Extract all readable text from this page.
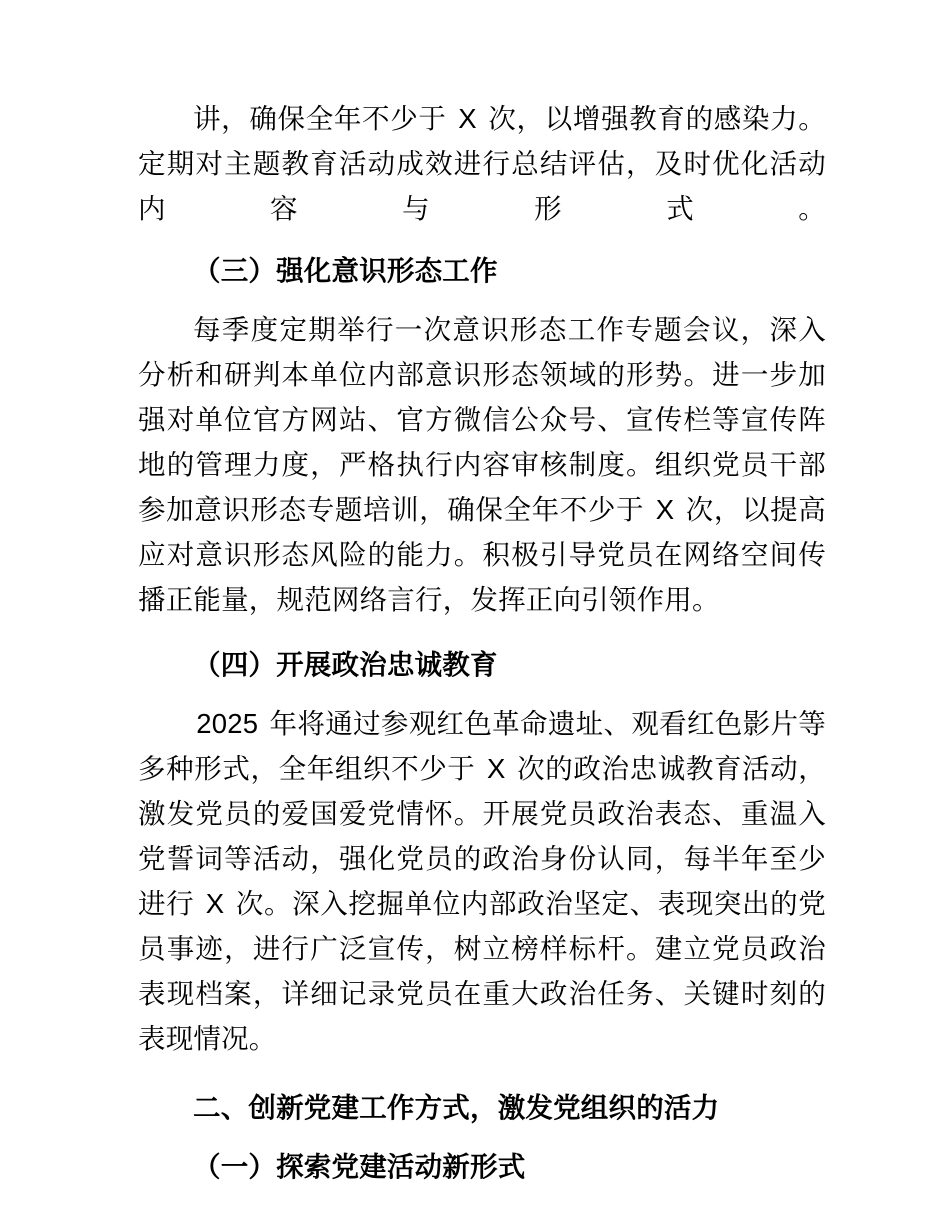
讲，确保全年不少于 X 次，以增强教育的感染力。定期对主题教育活动成效进行总结评估，及时优化活动内容与形式。

（三）强化意识形态工作

每季度定期举行一次意识形态工作专题会议，深入分析和研判本单位内部意识形态领域的形势。进一步加强对单位官方网站、官方微信公众号、宣传栏等宣传阵地的管理力度，严格执行内容审核制度。组织党员干部参加意识形态专题培训，确保全年不少于 X 次，以提高应对意识形态风险的能力。积极引导党员在网络空间传播正能量，规范网络言行，发挥正向引领作用。

（四）开展政治忠诚教育

2025 年将通过参观红色革命遗址、观看红色影片等多种形式，全年组织不少于 X 次的政治忠诚教育活动，激发党员的爱国爱党情怀。开展党员政治表态、重温入党誓词等活动，强化党员的政治身份认同，每半年至少进行 X 次。深入挖掘单位内部政治坚定、表现突出的党员事迹，进行广泛宣传，树立榜样标杆。建立党员政治表现档案，详细记录党员在重大政治任务、关键时刻的表现情况。

二、创新党建工作方式，激发党组织的活力

（一）探索党建活动新形式
